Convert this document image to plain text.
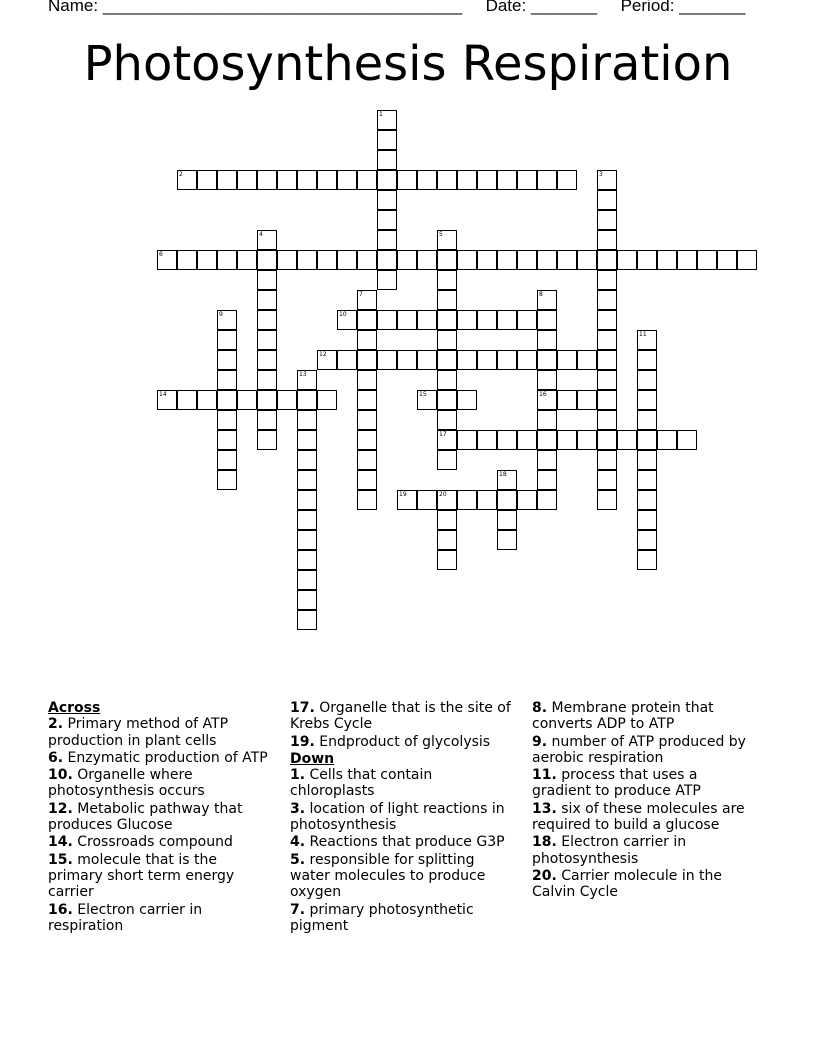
Name: ______________________________________ Date: _______ Period: _______
Photosynthesis Respiration
1
2	3
4	5
17
6
7	8
16
9	10
11
12
13
14	15
18
19	20
Across
2. Primary method of ATP production in plant cells
6. Enzymatic production of ATP
10. Organelle where photosynthesis occurs
12. Metabolic pathway that produces Glucose
14. Crossroads compound
15. molecule that is the primary short term energy carrier
16. Electron carrier in respiration
17. Organelle that is the site of Krebs Cycle
19. Endproduct of glycolysis
Down
1. Cells that contain chloroplasts
3. location of light reactions in photosynthesis
4. Reactions that produce G3P
5. responsible for splitting water molecules to produce oxygen
7. primary photosynthetic pigment
8. Membrane protein that converts ADP to ATP
9. number of ATP produced by aerobic respiration
11. process that uses a gradient to produce ATP
13. six of these molecules are required to build a glucose
18. Electron carrier in photosynthesis
20. Carrier molecule in the Calvin Cycle
